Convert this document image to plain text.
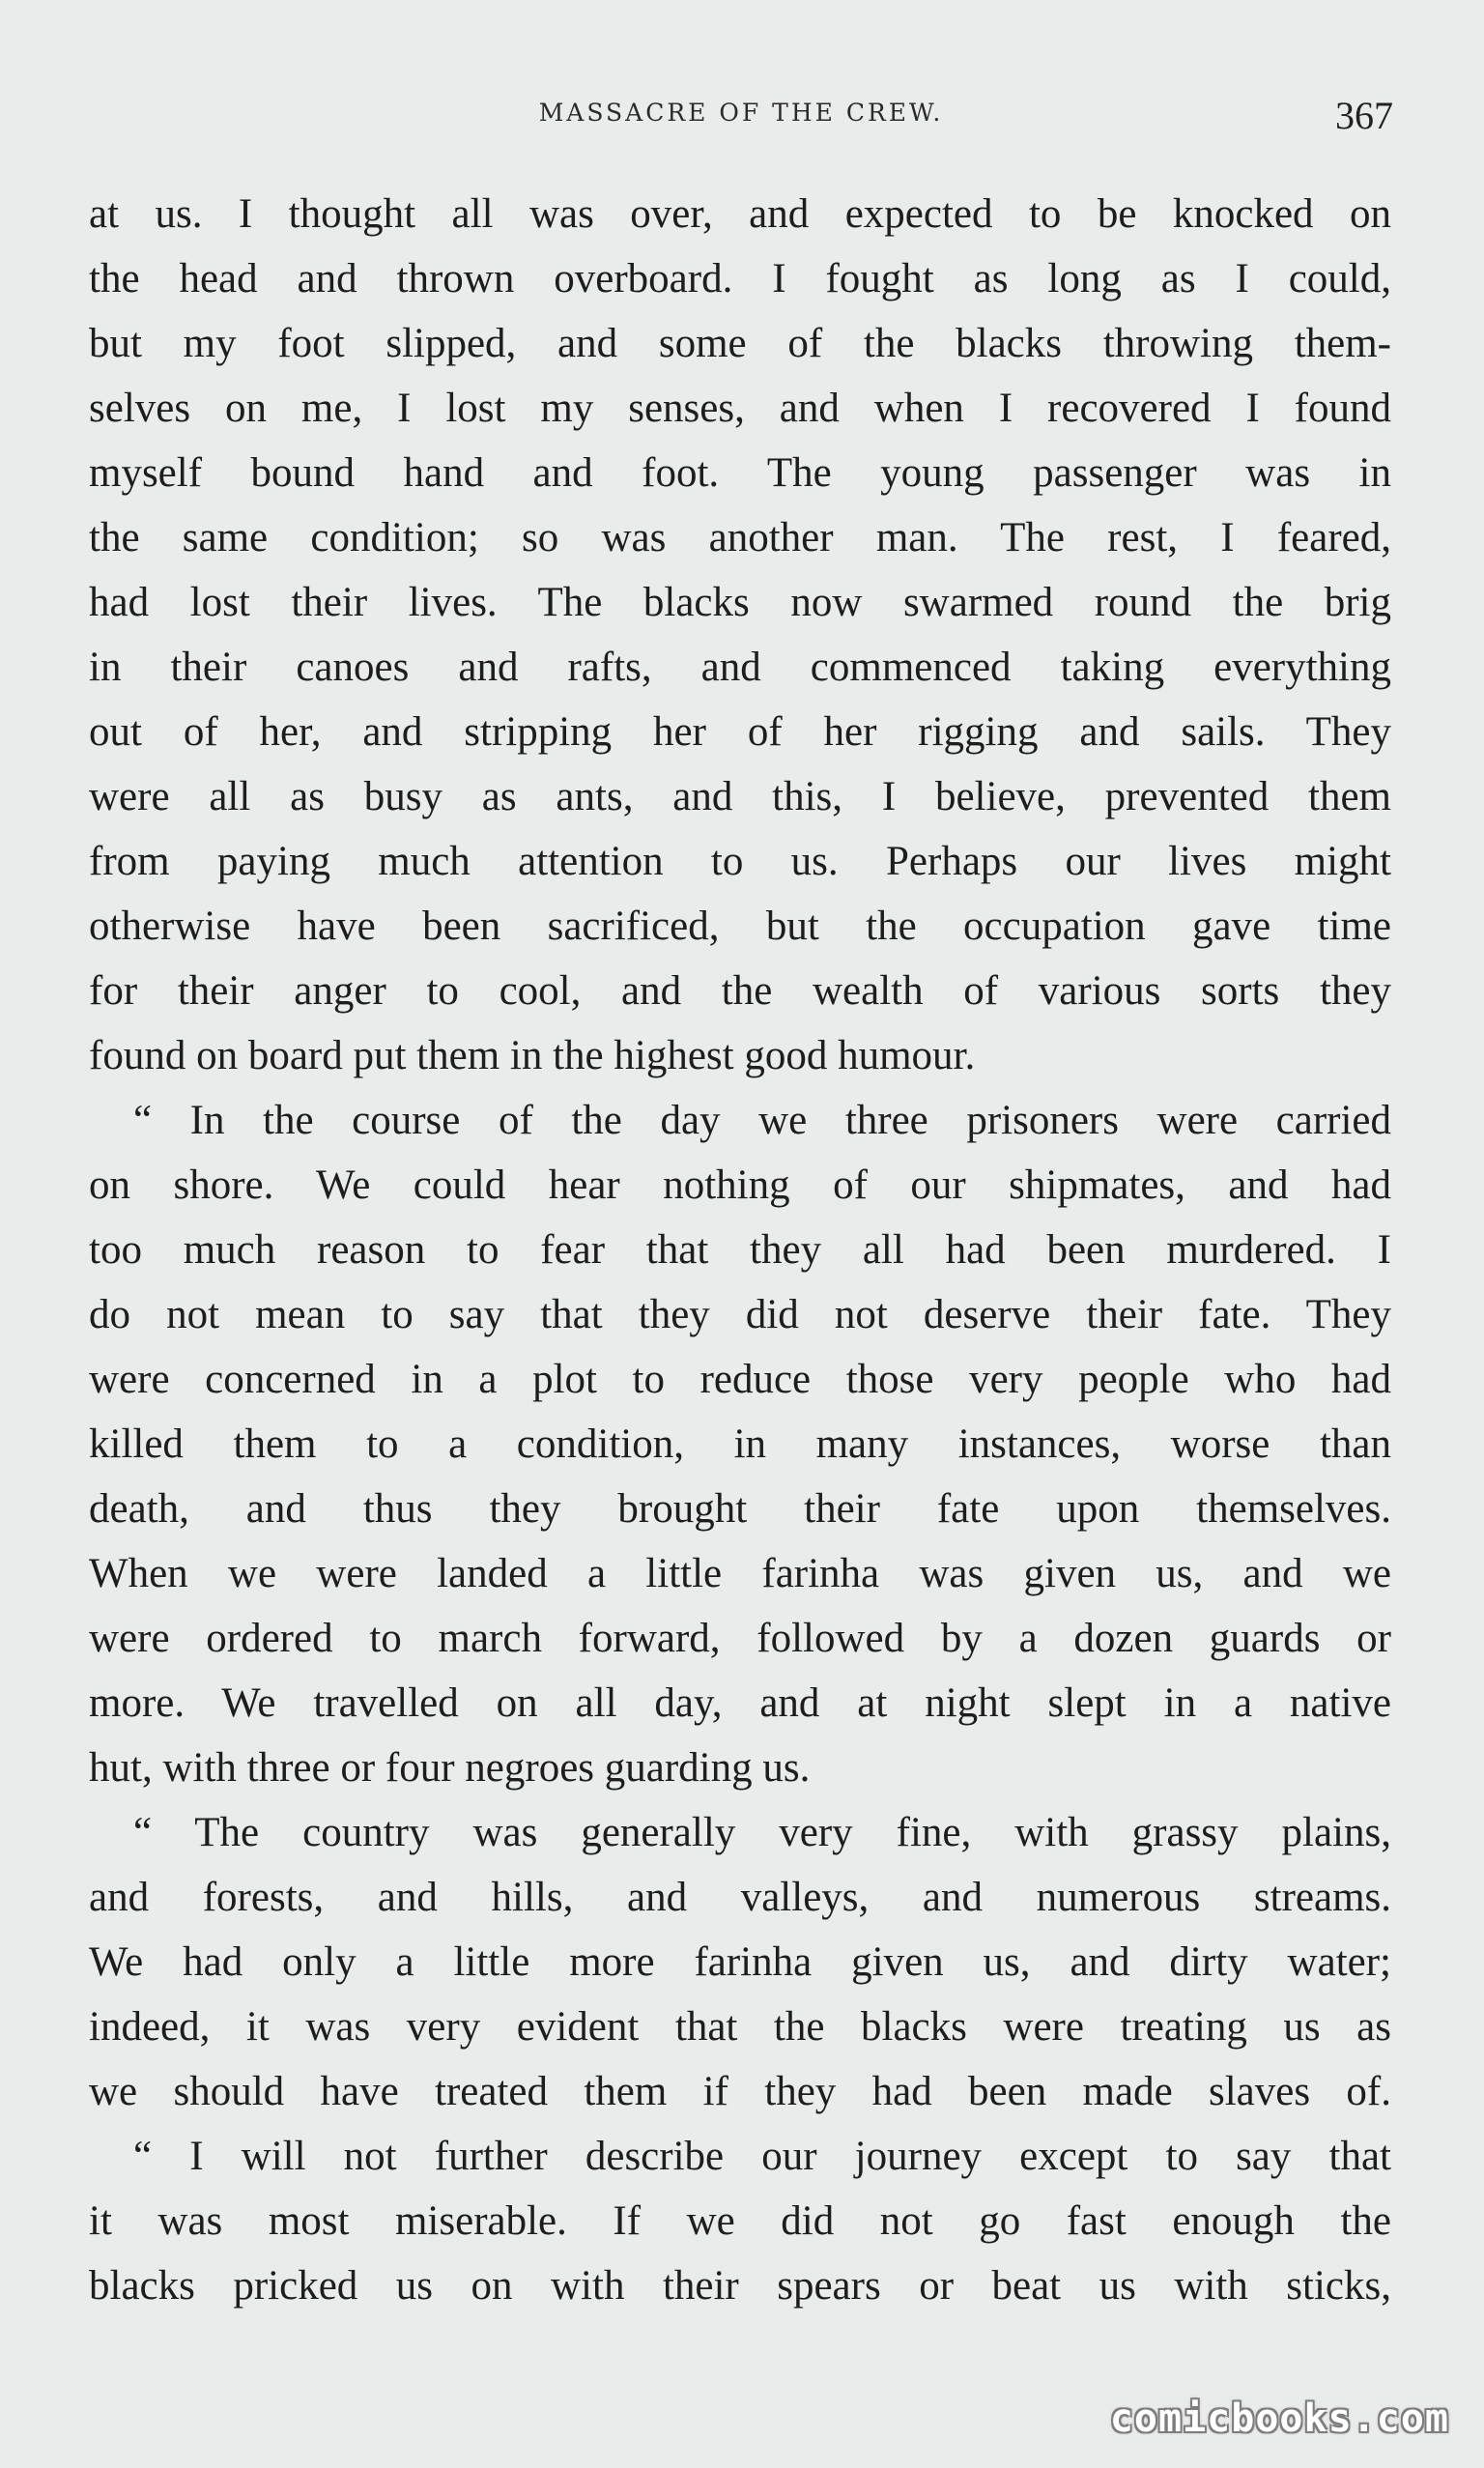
MASSACRE OF THE CREW.	367
at us. I thought all was over, and expected to be knocked on
the head and thrown overboard. I fought as long as I could,
but my foot slipped, and some of the blacks throwing them-
selves on me, I lost my senses, and when I recovered I found
myself bound hand and foot. The young passenger was in
the same condition; so was another man. The rest, I feared,
had lost their lives. The blacks now swarmed round the brig
in their canoes and rafts, and commenced taking everything
out of her, and stripping her of her rigging and sails. They
were all as busy as ants, and this, I believe, prevented them
from paying much attention to us. Perhaps our lives might
otherwise have been sacrificed, but the occupation gave time
for their anger to cool, and the wealth of various sorts they
found on board put them in the highest good humour.
“ In the course of the day we three prisoners were carried
on shore. We could hear nothing of our shipmates, and had
too much reason to fear that they all had been murdered. I
do not mean to say that they did not deserve their fate. They
were concerned in a plot to reduce those very people who had
killed them to a condition, in many instances, worse than
death, and thus they brought their fate upon themselves.
When we were landed a little farinha was given us, and we
were ordered to march forward, followed by a dozen guards or
more. We travelled on all day, and at night slept in a native
hut, with three or four negroes guarding us.
“ The country was generally very fine, with grassy plains,
and forests, and hills, and valleys, and numerous streams.
We had only a little more farinha given us, and dirty water;
indeed, it was very evident that the blacks were treating us as
we should have treated them if they had been made slaves of.
“ I will not further describe our journey except to say that
it was most miserable. If we did not go fast enough the
blacks pricked us on with their spears or beat us with sticks,
comicbooks.com
